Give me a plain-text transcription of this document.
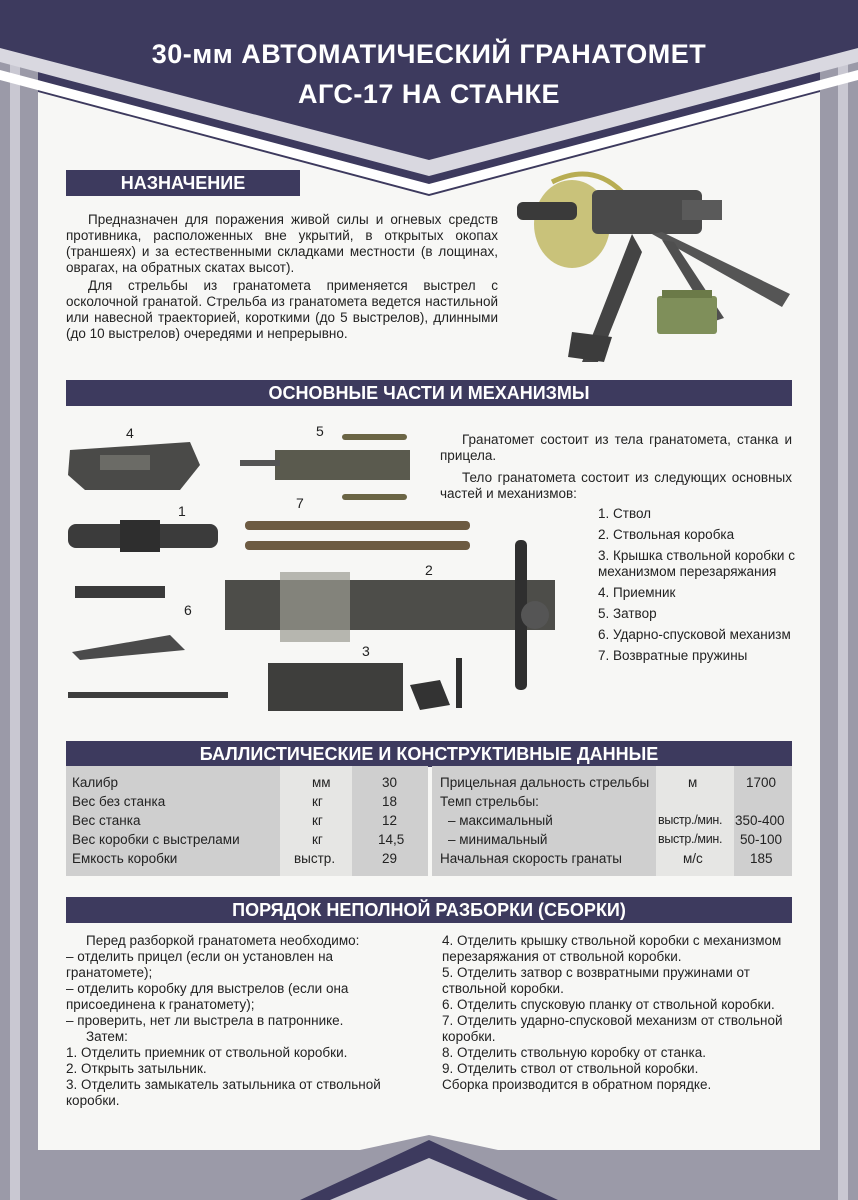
30-мм АВТОМАТИЧЕСКИЙ ГРАНАТОМЕТ
АГС-17 НА СТАНКЕ
НАЗНАЧЕНИЕ

Предназначен для поражения живой силы и огневых средств противника, расположенных вне укрытий, в открытых окопах (траншеях) и за естественными складками местности (в лощинах, оврагах, на обратных скатах высот).

Для стрельбы из гранатомета применяется выстрел с осколочной гранатой. Стрельба из гранатомета ведется настильной или навесной траекторией, короткими (до 5 выстрелов), длинными (до 10 выстрелов) очередями и непрерывно.

ОСНОВНЫЕ ЧАСТИ И МЕХАНИЗМЫ
4	5
7
1
2
6
3

Гранатомет состоит из тела гранатомета, станка и прицела.

Тело гранатомета состоит из следующих основных частей и механизмов:

1. Ствол
2. Ствольная коробка
3. Крышка ствольной коробки с механизмом перезаряжания
4. Приемник
5. Затвор
6. Ударно-спусковой механизм
7. Возвратные пружины
БАЛЛИСТИЧЕСКИЕ И КОНСТРУКТИВНЫЕ ДАННЫЕ
Калибр	мм	30
Вес без станка	кг	18
Вес станка	кг	12
Вес коробки с выстрелами	кг	14,5
Емкость коробки	выстр.	29
Прицельная дальность стрельбы	м	1700
Темп стрельбы:
– максимальный	выстр./мин. 350-400
– минимальный	выстр./мин. 50-100
Начальная скорость гранаты	м/с	185
ПОРЯДОК НЕПОЛНОЙ РАЗБОРКИ (СБОРКИ)
Перед разборкой гранатомета необходимо:
– отделить прицел (если он установлен на гранатомете);
– отделить коробку для выстрелов (если она присоединена к гранатомету);
– проверить, нет ли выстрела в патроннике.
Затем:
1. Отделить приемник от ствольной коробки.
2. Открыть затыльник.
3. Отделить замыкатель затыльника от ствольной коробки.
4. Отделить крышку ствольной коробки с механизмом перезаряжания от ствольной коробки.
5. Отделить затвор с возвратными пружинами от ствольной коробки.
6. Отделить спусковую планку от ствольной коробки.
7. Отделить ударно-спусковой механизм от ствольной коробки.
8. Отделить ствольную коробку от станка.
9. Отделить ствол от ствольной коробки.
Сборка производится в обратном порядке.
